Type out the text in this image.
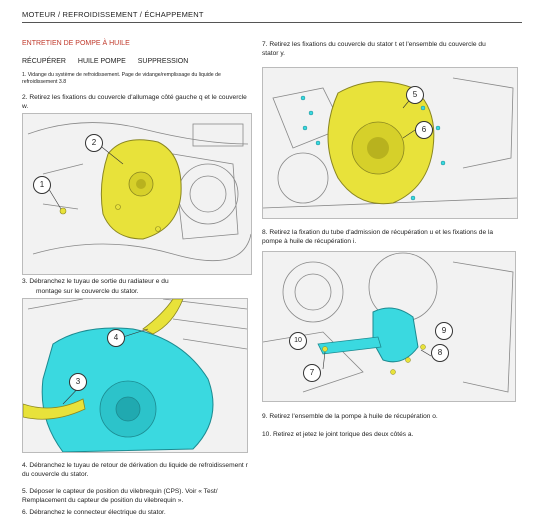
MOTEUR / REFROIDISSEMENT / ÉCHAPPEMENT
ENTRETIEN DE POMPE À HUILE
RÉCUPÉRER HUILE POMPE SUPPRESSION
1. Vidange du système de refroidissement. Page de vidange/remplissage du liquide de refroidissement 3.8
2. Retirez les fixations du couvercle d'allumage côté gauche q et le couvercle w.
1
2
3. Débranchez le tuyau de sortie du radiateur e du
montage sur le couvercle du stator.
4
3
4. Débranchez le tuyau de retour de dérivation du liquide de refroidissement r du couvercle du stator.
5. Déposer le capteur de position du vilebrequin (CPS). Voir « Test/ Remplacement du capteur de position du vilebrequin ».
6. Débranchez le connecteur électrique du stator.
7. Retirez les fixations du couvercle du stator t et l'ensemble du couvercle du stator y.
5
6
8. Retirez la fixation du tube d'admission de récupération u et les fixations de la pompe à huile de récupération i.
10
7
8
9
9. Retirez l'ensemble de la pompe à huile de récupération o.
10. Retirez et jetez le joint torique des deux côtés a.
